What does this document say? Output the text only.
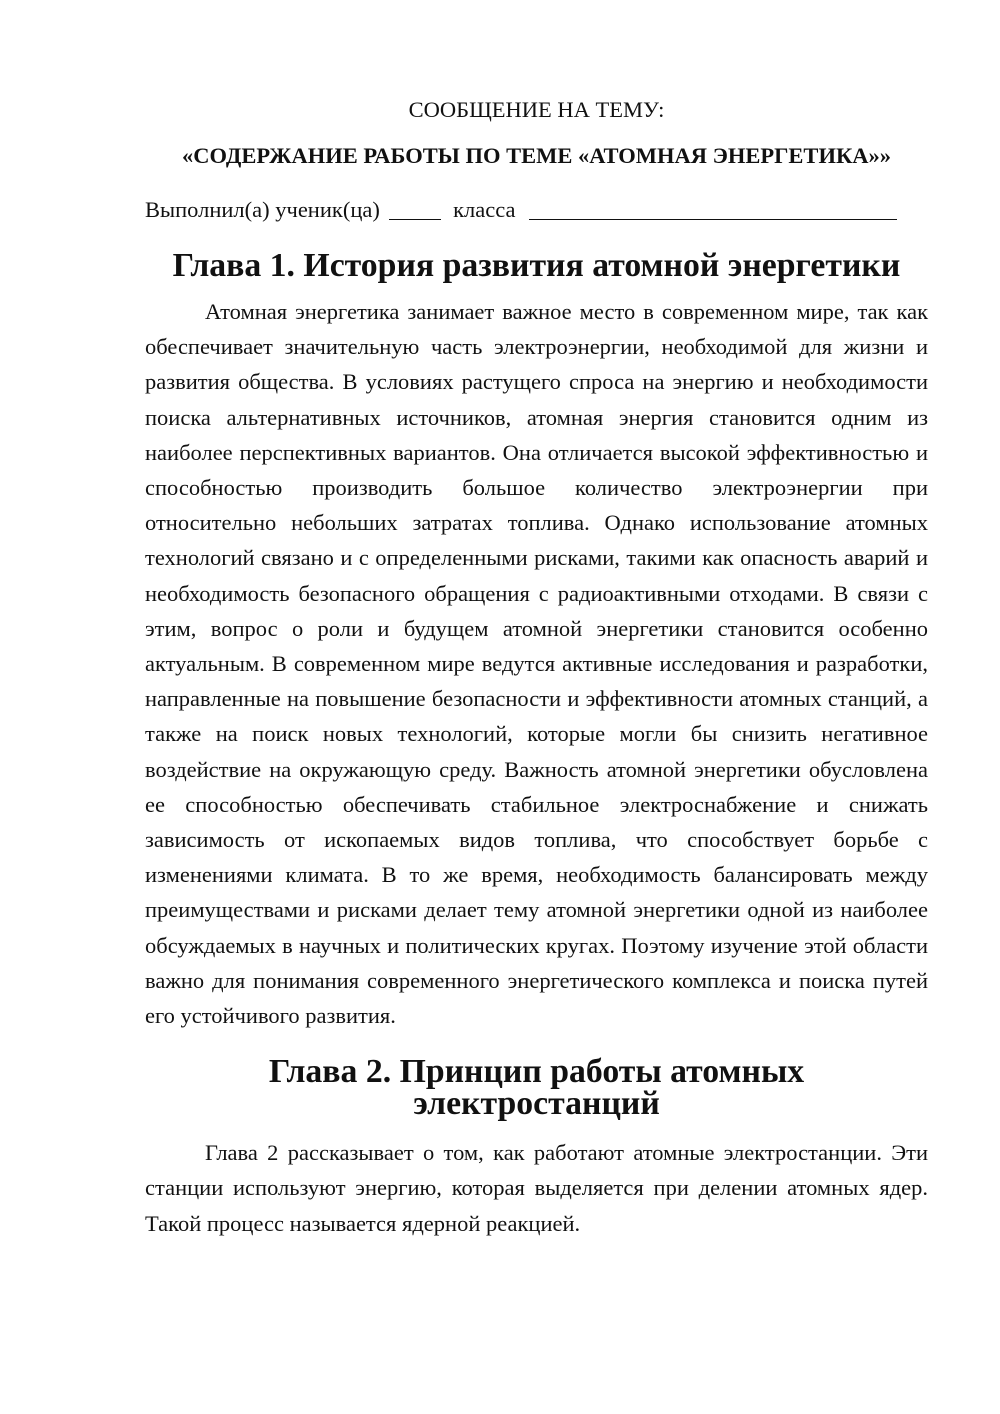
СООБЩЕНИЕ НА ТЕМУ:

«СОДЕРЖАНИЕ РАБОТЫ ПО ТЕМЕ «АТОМНАЯ ЭНЕРГЕТИКА»»

Выполнил(а) ученик(ца)	класса

Глава 1. История развития атомной энергетики

Атомная энергетика занимает важное место в современном мире, так как обеспечивает значительную часть электроэнергии, необходимой для жизни и развития общества. В условиях растущего спроса на энергию и необходимости поиска альтернативных источников, атомная энергия становится одним из наиболее перспективных вариантов. Она отличается высокой эффективностью и способностью производить большое количество электроэнергии при относительно небольших затратах топлива. Однако использование атомных технологий связано и с определенными рисками, такими как опасность аварий и необходимость безопасного обращения с радиоактивными отходами. В связи с этим, вопрос о роли и будущем атомной энергетики становится особенно актуальным. В современном мире ведутся активные исследования и разработки, направленные на повышение безопасности и эффективности атомных станций, а также на поиск новых технологий, которые могли бы снизить негативное воздействие на окружающую среду. Важность атомной энергетики обусловлена ее способностью обеспечивать стабильное электроснабжение и снижать зависимость от ископаемых видов топлива, что способствует борьбе с изменениями климата. В то же время, необходимость балансировать между преимуществами и рисками делает тему атомной энергетики одной из наиболее обсуждаемых в научных и политических кругах. Поэтому изучение этой области важно для понимания современного энергетического комплекса и поиска путей его устойчивого развития.

Глава 2. Принцип работы атомных электростанций

Глава 2 рассказывает о том, как работают атомные электростанции. Эти станции используют энергию, которая выделяется при делении атомных ядер. Такой процесс называется ядерной реакцией.
